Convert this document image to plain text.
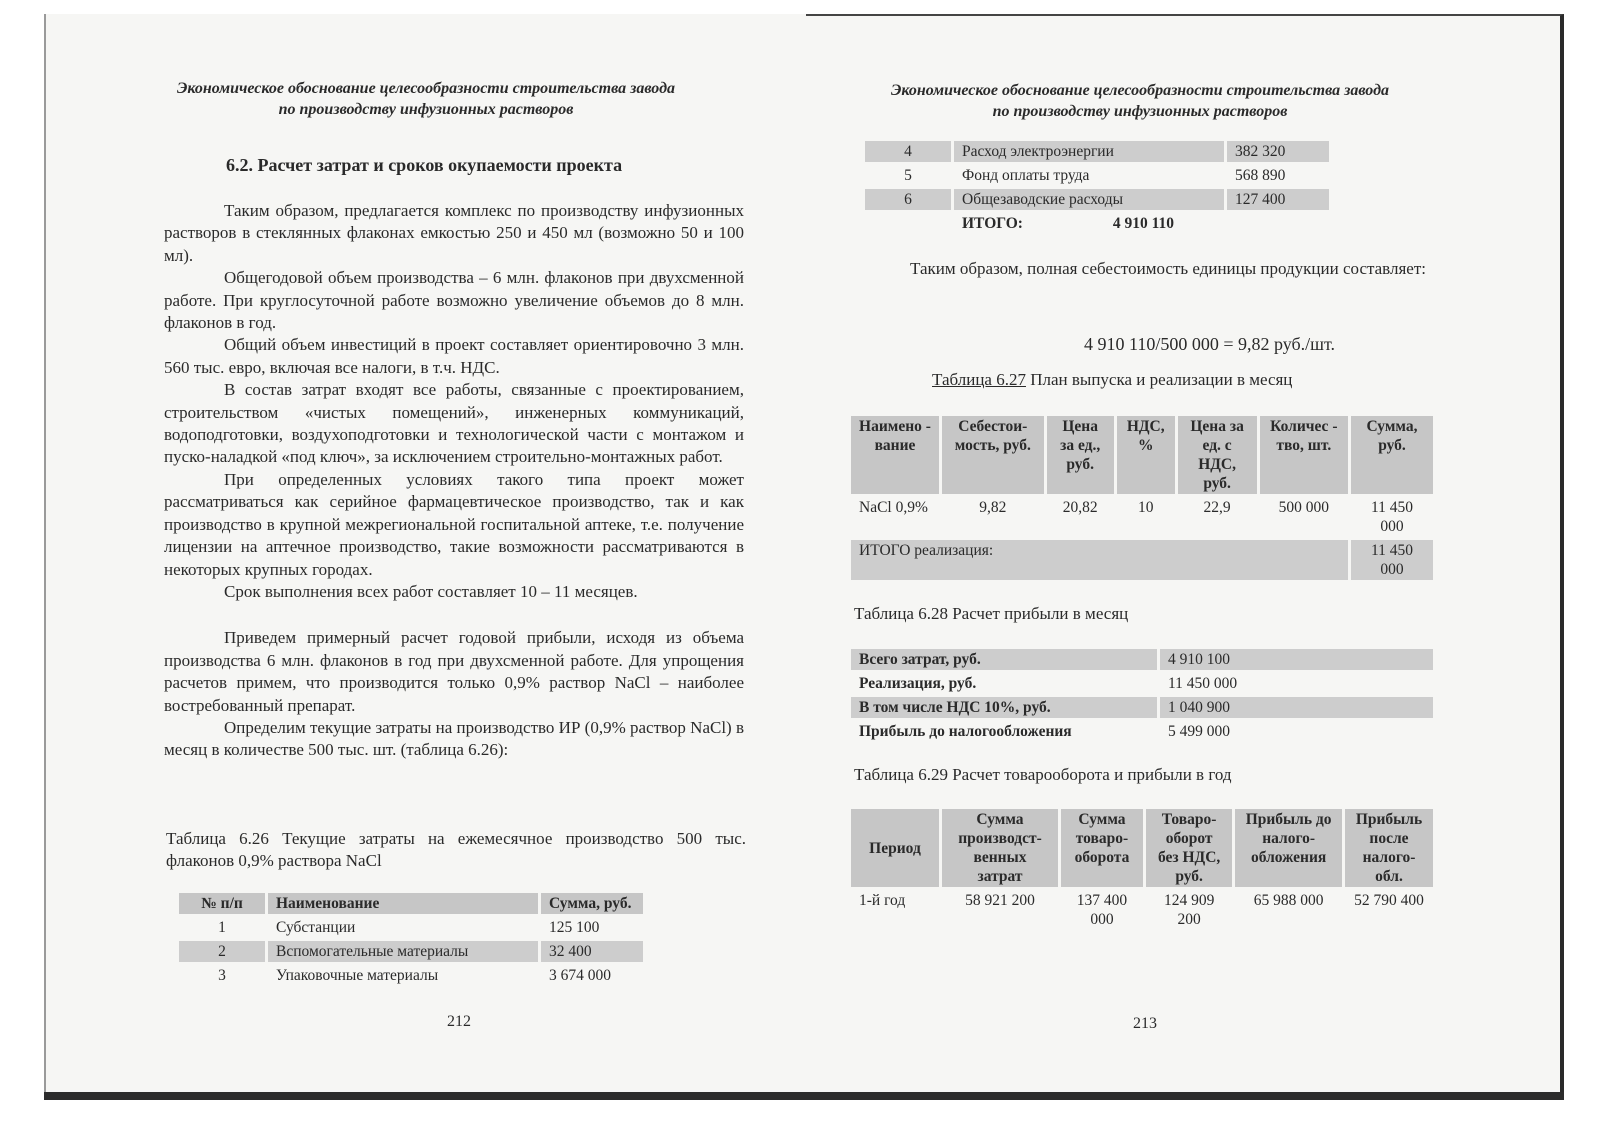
Экономическое обоснование целесообразности строительства завода
по производству инфузионных растворов
6.2. Расчет затрат и сроков окупаемости проекта

Таким образом, предлагается комплекс по производству инфузионных растворов в стеклянных флаконах емкостью 250 и 450 мл (возможно 50 и 100 мл).

Общегодовой объем производства – 6 млн. флаконов при двухсменной работе. При круглосуточной работе возможно увеличение объемов до 8 млн. флаконов в год.

Общий объем инвестиций в проект составляет ориентировочно 3 млн. 560 тыс. евро, включая все налоги, в т.ч. НДС.

В состав затрат входят все работы, связанные с проектированием, строительством «чистых помещений», инженерных коммуникаций, водоподготовки, воздухоподготовки и технологической части с монтажом и пуско-наладкой «под ключ», за исключением строительно-монтажных работ.

При определенных условиях такого типа проект может рассматриваться как серийное фармацевтическое производство, так и как производство в крупной межрегиональной госпитальной аптеке, т.е. получение лицензии на аптечное производство, такие возможности рассматриваются в некоторых крупных городах.

Срок выполнения всех работ составляет 10 – 11 месяцев.

Приведем примерный расчет годовой прибыли, исходя из объема производства 6 млн. флаконов в год при двухсменной работе. Для упрощения расчетов примем, что производится только 0,9% раствор NaCl – наиболее востребованный препарат.

Определим текущие затраты на производство ИР (0,9% раствор NaCl) в месяц в количестве 500 тыс. шт. (таблица 6.26):

Таблица 6.26 Текущие затраты на ежемесячное производство 500 тыс. флаконов 0,9% раствора NaCl
№ п/п	Наименование	Сумма, руб.
1	Субстанции	125 100
2	Вспомогательные материалы	32 400
3	Упаковочные материалы	3 674 000
212
Экономическое обоснование целесообразности строительства завода
по производству инфузионных растворов
4	Расход электроэнергии	382 320
5	Фонд оплаты труда	568 890
6	Общезаводские расходы	127 400
	ИТОГО: 4 910 110	

Таким образом, полная себестоимость единицы продукции составляет:

4 910 110/500 000 = 9,82 руб./шт.
Таблица 6.27 План выпуска и реализации в месяц
Наимено - вание	Себестои- мость, руб.	Цена за ед., руб.	НДС, %	Цена за ед. с НДС, руб.	Количес - тво, шт.	Сумма, руб.
NaCl 0,9%	9,82	20,82	10	22,9	500 000	11 450 000
ИТОГО реализация:						11 450 000
Таблица 6.28 Расчет прибыли в месяц
Всего затрат, руб.	4 910 100
Реализация, руб.	11 450 000
В том числе НДС 10%, руб.	1 040 900
Прибыль до налогообложения	5 499 000
Таблица 6.29 Расчет товарооборота и прибыли в год
Период	Сумма производст- венных затрат	Сумма товаро- оборота	Товаро- оборот без НДС, руб.	Прибыль до налого- обложения	Прибыль после налого- обл.
1-й год	58 921 200	137 400 000	124 909 200	65 988 000	52 790 400
213
